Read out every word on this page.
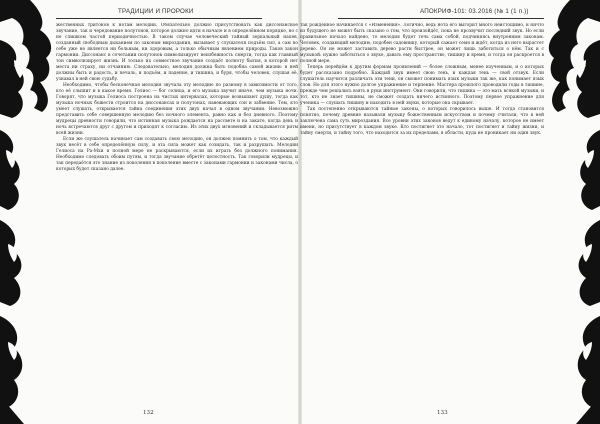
ТРАДИЦИИ И ПРОРОКИ	АПОКРИФ-101: 03.2016 (№ 1 (1 п.))

жественных тритонов к нотам мелодии. Обязательно должно присутствовать как диссонансное звучание, так и чередование полутонов, которое должно идти в начале и в определённом порядке, но с не слишком частой периодичностью. В таком случае человеческий тайный зеркальный напев, созданный свободным дыханием по законам мироздания, вызывает у слушателя подъём сил, а сам по себе уже не является ни больным, ни здоровым, а только обычным явлением природы. Таков закон гармонии. Диссонанс в сочетании полутонов символизирует неизбежность смерти, тогда как главный тон символизирует жизнь. И только их совместное звучание создаёт полноту бытия, в которой нет места ни страху, ни отчаянию. Следовательно, мелодия должна быть подобна самой жизни: в ней должны быть и радость, и печаль, и подъём, и падение, и тишина, и буря, чтобы человек, слушая её, узнавал в ней свою судьбу.

Необходимо, чтобы бесконечная мелодия звучала эту мелодию по разному в зависимости от того, кто её слышит и в какое время. Гелиос — бог солнца, и его музыка звучит иначе, чем музыка ночи. Говорят, что музыка Гелиоса построена на чистых интервалах, которые возвышают душу, тогда как музыка ночных божеств строится на диссонансах и полутонах, навевающих сон и забвение. Тем, кто умеет слушать, открывается тайна соединения этих двух начал в одном звучании. Невозможно представить себе совершенную мелодию без ночного элемента, равно как и без дневного. Поэтому мудрецы древности говорили, что истинная музыка рождается на рассвете и на закате, когда день и ночь встречаются друг с другом и приходят к согласию. Из этих двух мгновений и складывается ритм всей жизни.

Если же слушатель начинает сам создавать свою мелодию, он должен помнить о том, что каждый звук несёт в себе определённую силу, и эта сила может как созидать, так и разрушать. Мелодии Гелиоса на Ра-Мхи в полной мере не раскрываются, если их играть без должного понимания. Необходимо следовать обоим путям, и тогда звучание обретёт целостность. Так говорили мудрецы, и так передаётся это знание из поколения в поколение вместе с законами гармонии и законами числа, о которых будет сказано далее.

так рождённое начинается с «Изменения». Логично, ведь нота его выгорит много неистощимо, и ничто из будущего не может быть сказано о том, что произойдёт, пока не прозвучит последний звук. Но если правильное начало найдено, то мелодия будет течь сама собой, подчиняясь внутренним законам. Человек, создающий мелодию, подобен садовнику, который сажает семя и ждёт, когда из него вырастет дерево. Он не может заставить дерево расти быстрее, он может лишь заботиться о нём. Так и с музыкой: нужно заботиться о звуке, давать ему пространство, тишину и время, и тогда он раскроется в полной мере.

Теперь перейдём к другим формам проявлений — более сложным, менее изученным, и о которых будет рассказано подробно. Каждый звук имеет свою тень, и каждая тень — свой отзвук. Если слушатель научится различать эти тени, он сможет понимать язык музыки так же, как понимает язык слов. Но для этого нужно долгое упражнение и терпение. Мастера прошлого проводили годы в тишине, прежде чем решались взять в руки инструмент. Они говорили, что тишина — это мать всякой музыки, и тот, кто не знает тишины, не сможет создать ничего истинного. Поэтому первое упражнение для ученика — слушать тишину и находить в ней звуки, которые она скрывает.

Так постепенно открываются тайные законы, о которых говорилось выше. И тогда становится понятно, почему древние называли музыку божественным искусством и почему считали, что в ней заключена сама суть мироздания. Все уровни этих законов ведут к единому началу, которое не имеет имени, но присутствует в каждом звуке. Кто постигнет это начало, тот постигнет и тайну жизни, и тайну смерти, и тайну того, что находится за их пределами, в области, куда не проникает ни один звук.

132	133
